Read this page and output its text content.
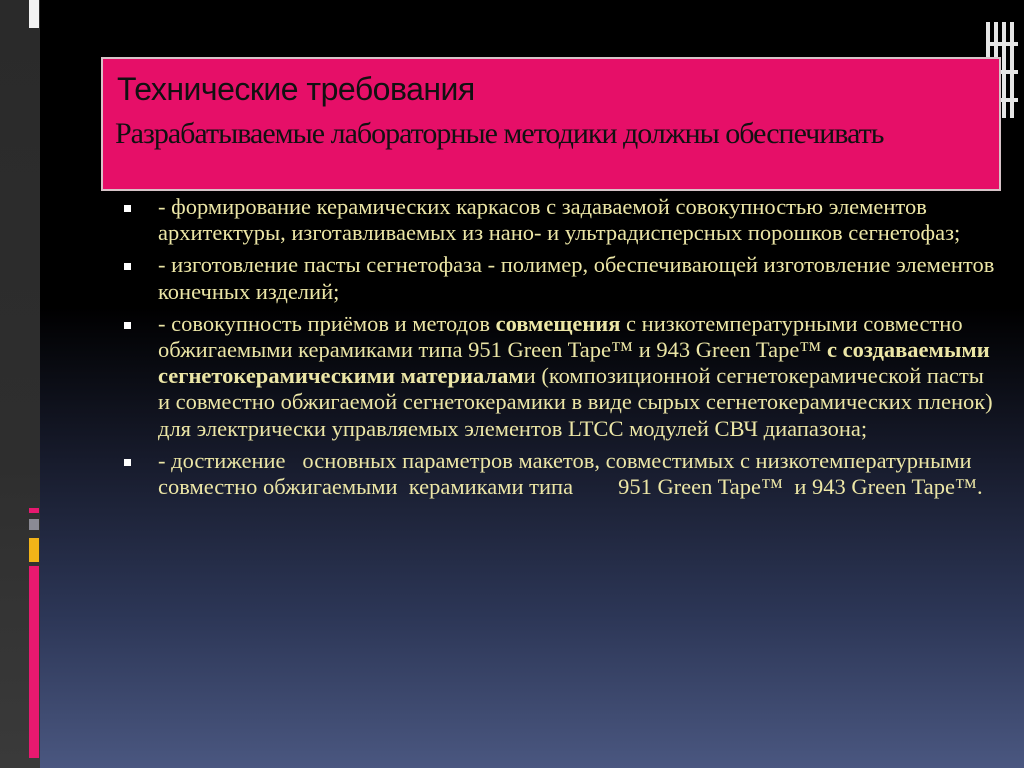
Технические требования
Разрабатываемые лабораторные методики должны обеспечивать
- формирование керамических каркасов с задаваемой совокупностью элементов архитектуры, изготавливаемых из нано- и ультрадисперсных порошков сегнетофаз;
- изготовление пасты сегнетофаза - полимер, обеспечивающей изготовление элементов конечных изделий;
- совокупность приёмов и методов совмещения с низкотемпературными совместно обжигаемыми керамиками типа 951 Green Tape™ и 943 Green Tape™ с создаваемыми сегнетокерамическими материалами (композиционной сегнетокерамической пасты и совместно обжигаемой сегнетокерамики в виде сырых сегнетокерамических пленок) для электрически управляемых элементов LTCC модулей СВЧ диапазона;
- достижение   основных параметров макетов, совместимых с низкотемпературными совместно обжигаемыми  керамиками типа        951 Green Tape™  и 943 Green Tape™.
